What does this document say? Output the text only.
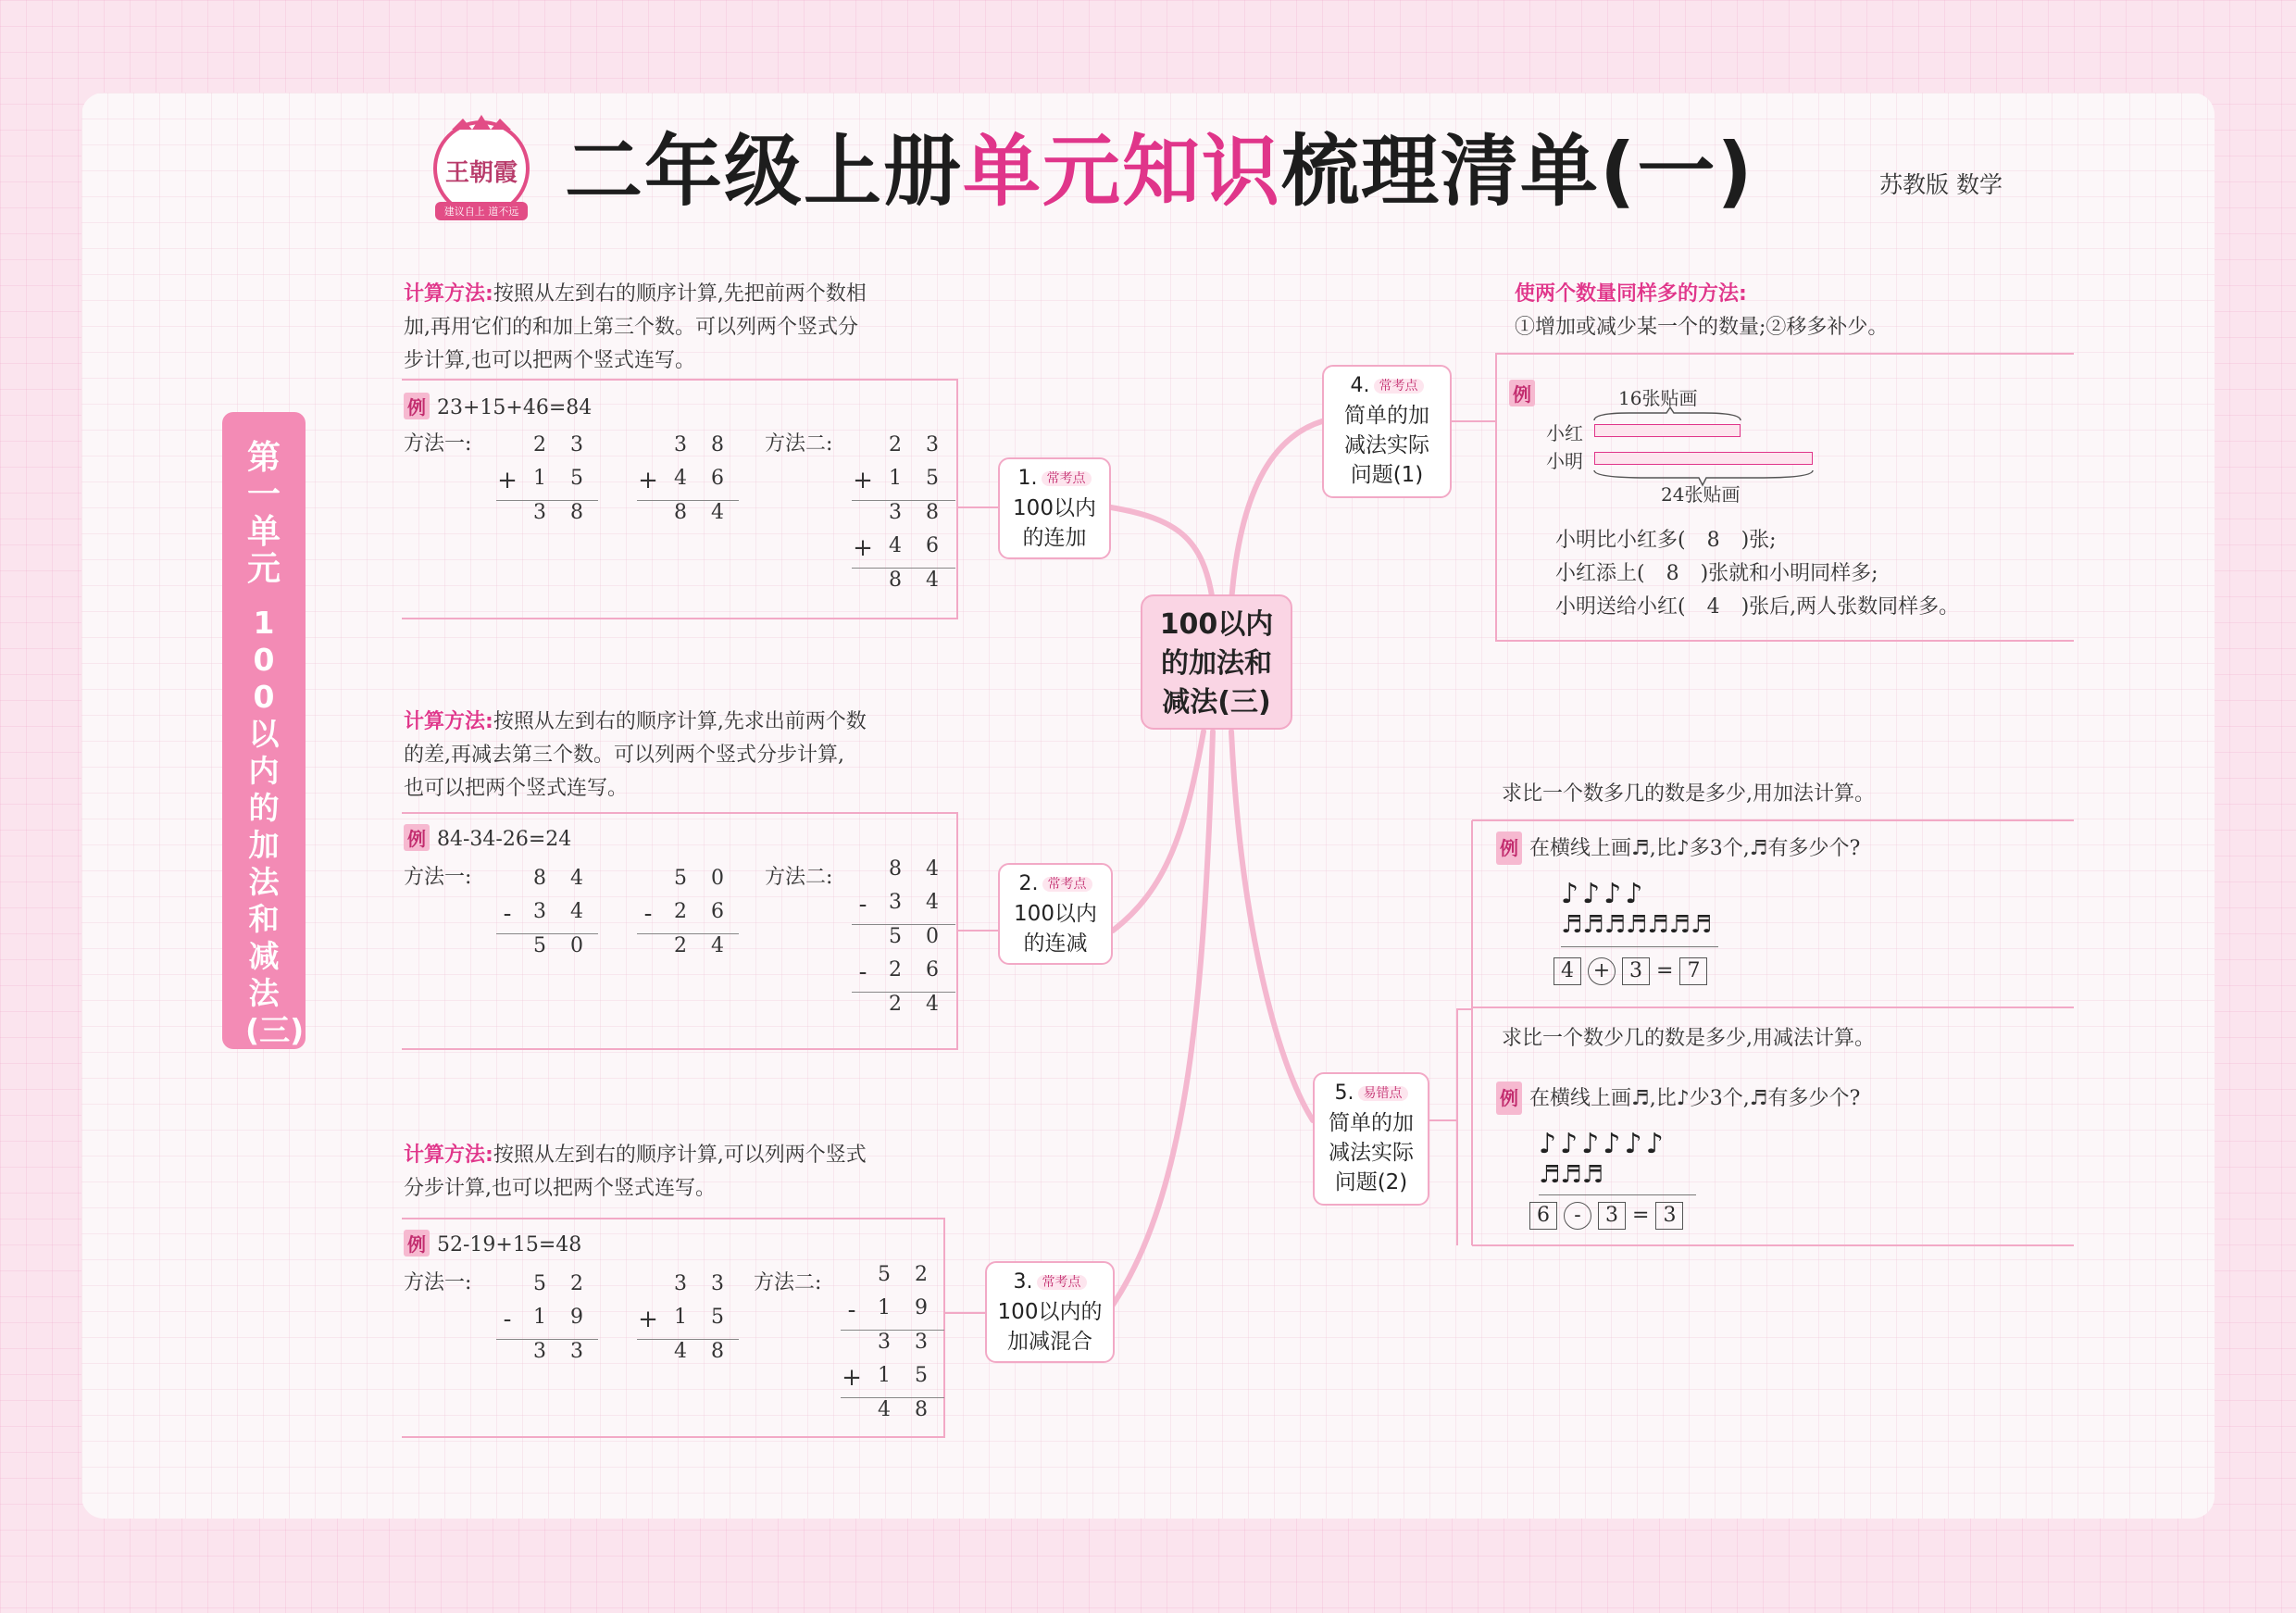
王朝霞
建议自上 道不远 二年级上册单元知识梳理清单(一)	苏教版 数学
第一单元
100以内的加法和减法(三)
100以内
的加法和
减法(三)
1. 常考点
100以内
的连加
2. 常考点
100以内
的连减
3. 常考点
100以内的
加减混合
4. 常考点
简单的加
减法实际
问题(1)
5. 易错点
简单的加
减法实际
问题(2)
计算方法:按照从左到右的顺序计算,先把前两个数相
加,再用它们的和加上第三个数。可以列两个竖式分
步计算,也可以把两个竖式连写。
例 23+15+46=84
方法一:	方法二:
23
+ 15
38
38
+ 46
84
23
+ 15
38
+ 46
84
计算方法:按照从左到右的顺序计算,先求出前两个数
的差,再减去第三个数。可以列两个竖式分步计算,
也可以把两个竖式连写。
例 84-34-26=24
方法一:	方法二:
84
-	34
50
50
-	26
24
84
-	34
50
-	26
24
计算方法:按照从左到右的顺序计算,可以列两个竖式
分步计算,也可以把两个竖式连写。
例 52-19+15=48
方法一:	方法二:
52
-	19
33
33
+ 15
48
52
-	19
33
+ 15
48
使两个数量同样多的方法:
①增加或减少某一个的数量;②移多补少。
例	16张贴画
小红
小明
24张贴画
小明比小红多( 8 )张;
小红添上( 8 )张就和小明同样多;
小明送给小红( 4 )张后,两人张数同样多。
求比一个数多几的数是多少,用加法计算。
例 在横线上画♬,比♪多3个,♬有多少个?
♪♪♪♪
♬♬♬♬♬♬♬
4 + 3 = 7
求比一个数少几的数是多少,用减法计算。
例 在横线上画♬,比♪少3个,♬有多少个?
♪♪♪♪♪♪
♬♬♬
6 - 3 = 3
